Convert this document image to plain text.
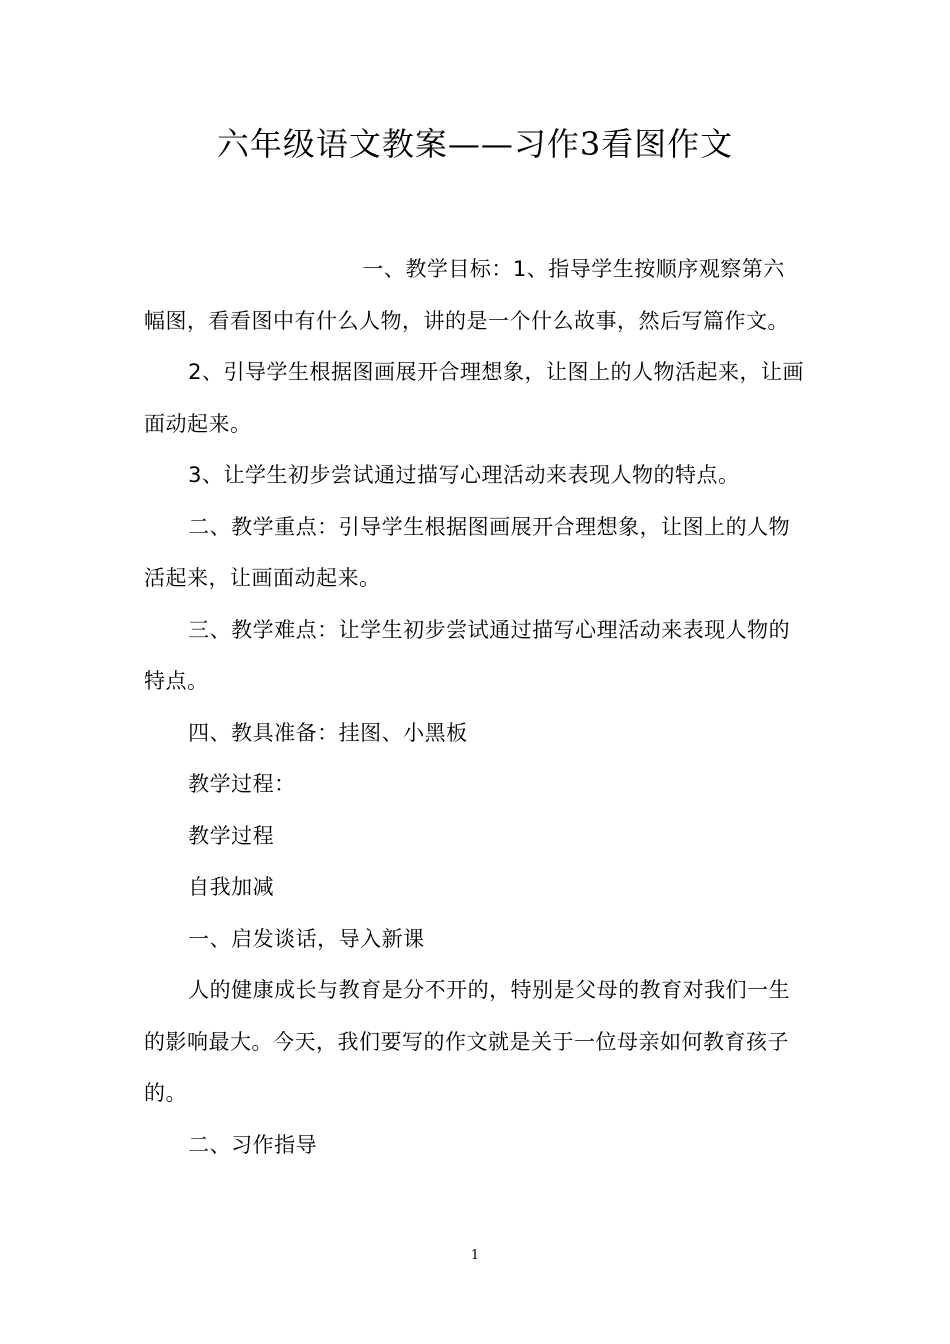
六年级语文教案——习作3看图作文

一、教学目标：1、指导学生按顺序观察第六幅图，看看图中有什么人物，讲的是一个什么故事，然后写篇作文。

2、引导学生根据图画展开合理想象，让图上的人物活起来，让画面动起来。

3、让学生初步尝试通过描写心理活动来表现人物的特点。

二、教学重点：引导学生根据图画展开合理想象，让图上的人物活起来，让画面动起来。

三、教学难点：让学生初步尝试通过描写心理活动来表现人物的特点。

四、教具准备：挂图、小黑板

教学过程：

教学过程

自我加减

一、启发谈话，导入新课

人的健康成长与教育是分不开的，特别是父母的教育对我们一生的影响最大。今天，我们要写的作文就是关于一位母亲如何教育孩子的。

二、习作指导

1
